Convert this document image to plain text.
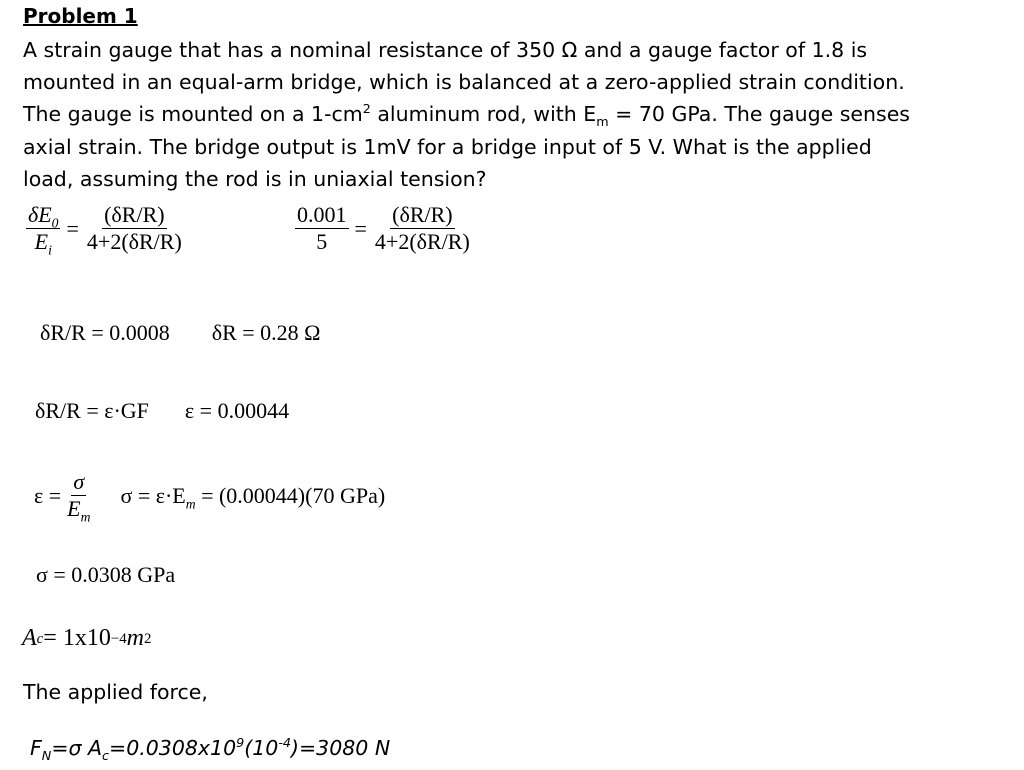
Problem 1
A strain gauge that has a nominal resistance of 350 Ω and a gauge factor of 1.8 is
mounted in an equal-arm bridge, which is balanced at a zero-applied strain condition.
The gauge is mounted on a $1-cm^2$ aluminum rod, with $E_m = 70$ GPa. The gauge senses
axial strain. The bridge output is 1mV for a bridge input of 5 V. What is the applied
load, assuming the rod is in uniaxial tension?
$\frac{\delta E_0}{E_i} = \frac{(\delta R/R)}{4+2(\delta R/R)}$	$\frac{0.001}{5} = \frac{(\delta R/R)}{4+2(\delta R/R)}$
δR/R = 0.0008 δR = 0.28 Ω
δR/R = ε·GF ε = 0.00044
$\varepsilon = \frac{\sigma}{E_m}$ $\sigma = \varepsilon\cdot E_m = (0.00044)(70$ GPa)
σ = 0.0308 GPa
A c = 1x10 −4 m 2
The applied force,
$F_N=\sigma$ $A_c=0.0308x10^9(10^{-4})=3080$ N
